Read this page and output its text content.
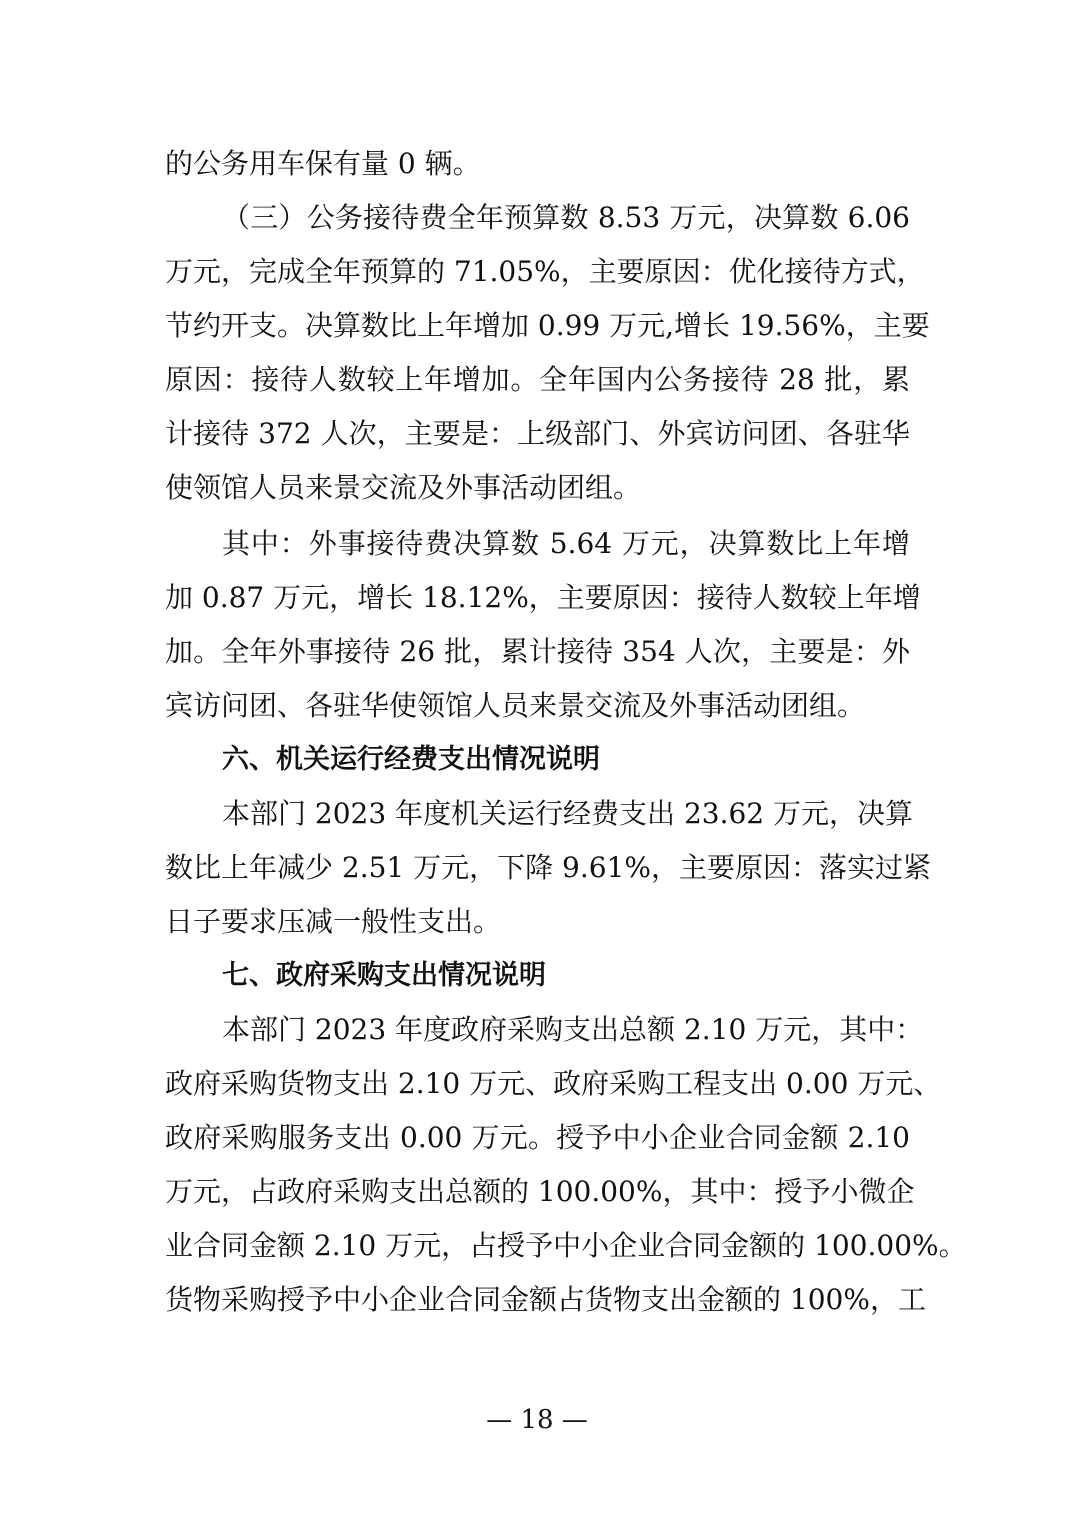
的公务用车保有量 0 辆。
（三）公务接待费全年预算数 8.53 万元，决算数 6.06
万元，完成全年预算的 71.05%，主要原因：优化接待方式，
节约开支。决算数比上年增加 0.99 万元,增长 19.56%，主要
原因：接待人数较上年增加。全年国内公务接待 28 批，累
计接待 372 人次，主要是：上级部门、外宾访问团、各驻华
使领馆人员来景交流及外事活动团组。
其中：外事接待费决算数 5.64 万元，决算数比上年增
加 0.87 万元，增长 18.12%，主要原因：接待人数较上年增
加。全年外事接待 26 批，累计接待 354 人次，主要是：外
宾访问团、各驻华使领馆人员来景交流及外事活动团组。
六、机关运行经费支出情况说明
本部门 2023 年度机关运行经费支出 23.62 万元，决算
数比上年减少 2.51 万元，下降 9.61%，主要原因：落实过紧
日子要求压减一般性支出。
七、政府采购支出情况说明
本部门 2023 年度政府采购支出总额 2.10 万元，其中：
政府采购货物支出 2.10 万元、政府采购工程支出 0.00 万元、
政府采购服务支出 0.00 万元。授予中小企业合同金额 2.10
万元，占政府采购支出总额的 100.00%，其中：授予小微企
业合同金额 2.10 万元，占授予中小企业合同金额的 100.00%。
货物采购授予中小企业合同金额占货物支出金额的 100%，工
— 18 —
